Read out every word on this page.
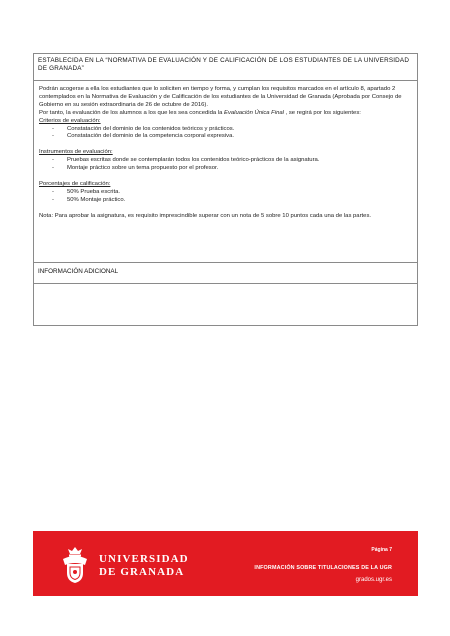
ESTABLECIDA EN LA “NORMATIVA DE EVALUACIÓN Y DE CALIFICACIÓN DE LOS ESTUDIANTES DE LA UNIVERSIDAD DE GRANADA”

Podrán acogerse a ella los estudiantes que lo soliciten en tiempo y forma, y cumplan los requisitos marcados en el artículo 8, apartado 2 contemplados en la Normativa de Evaluación y de Calificación de los estudiantes de la Universidad de Granada (Aprobada por Consejo de Gobierno en su sesión extraordinaria de 26 de octubre de 2016).

Por tanto, la evaluación de los alumnos a los que les sea concedida la Evaluación Única Final , se regirá por los siguientes:

Criterios de evaluación:

- Constatación del dominio de los contenidos teóricos y prácticos.
- Constatación del dominio de la competencia corporal expresiva.

Instrumentos de evaluación:

- Pruebas escritas donde se contemplarán todos los contenidos teórico-prácticos de la asignatura.
- Montaje práctico sobre un tema propuesto por el profesor.

Porcentajes de calificación:

- 50% Prueba escrita.
- 50% Montaje práctico.

Nota: Para aprobar la asignatura, es requisito imprescindible superar con un nota de 5 sobre 10 puntos cada una de las partes.

INFORMACIÓN ADICIONAL
UNIVERSIDAD
DE GRANADA
Página 7
INFORMACIÓN SOBRE TITULACIONES DE LA UGR
grados.ugr.es
